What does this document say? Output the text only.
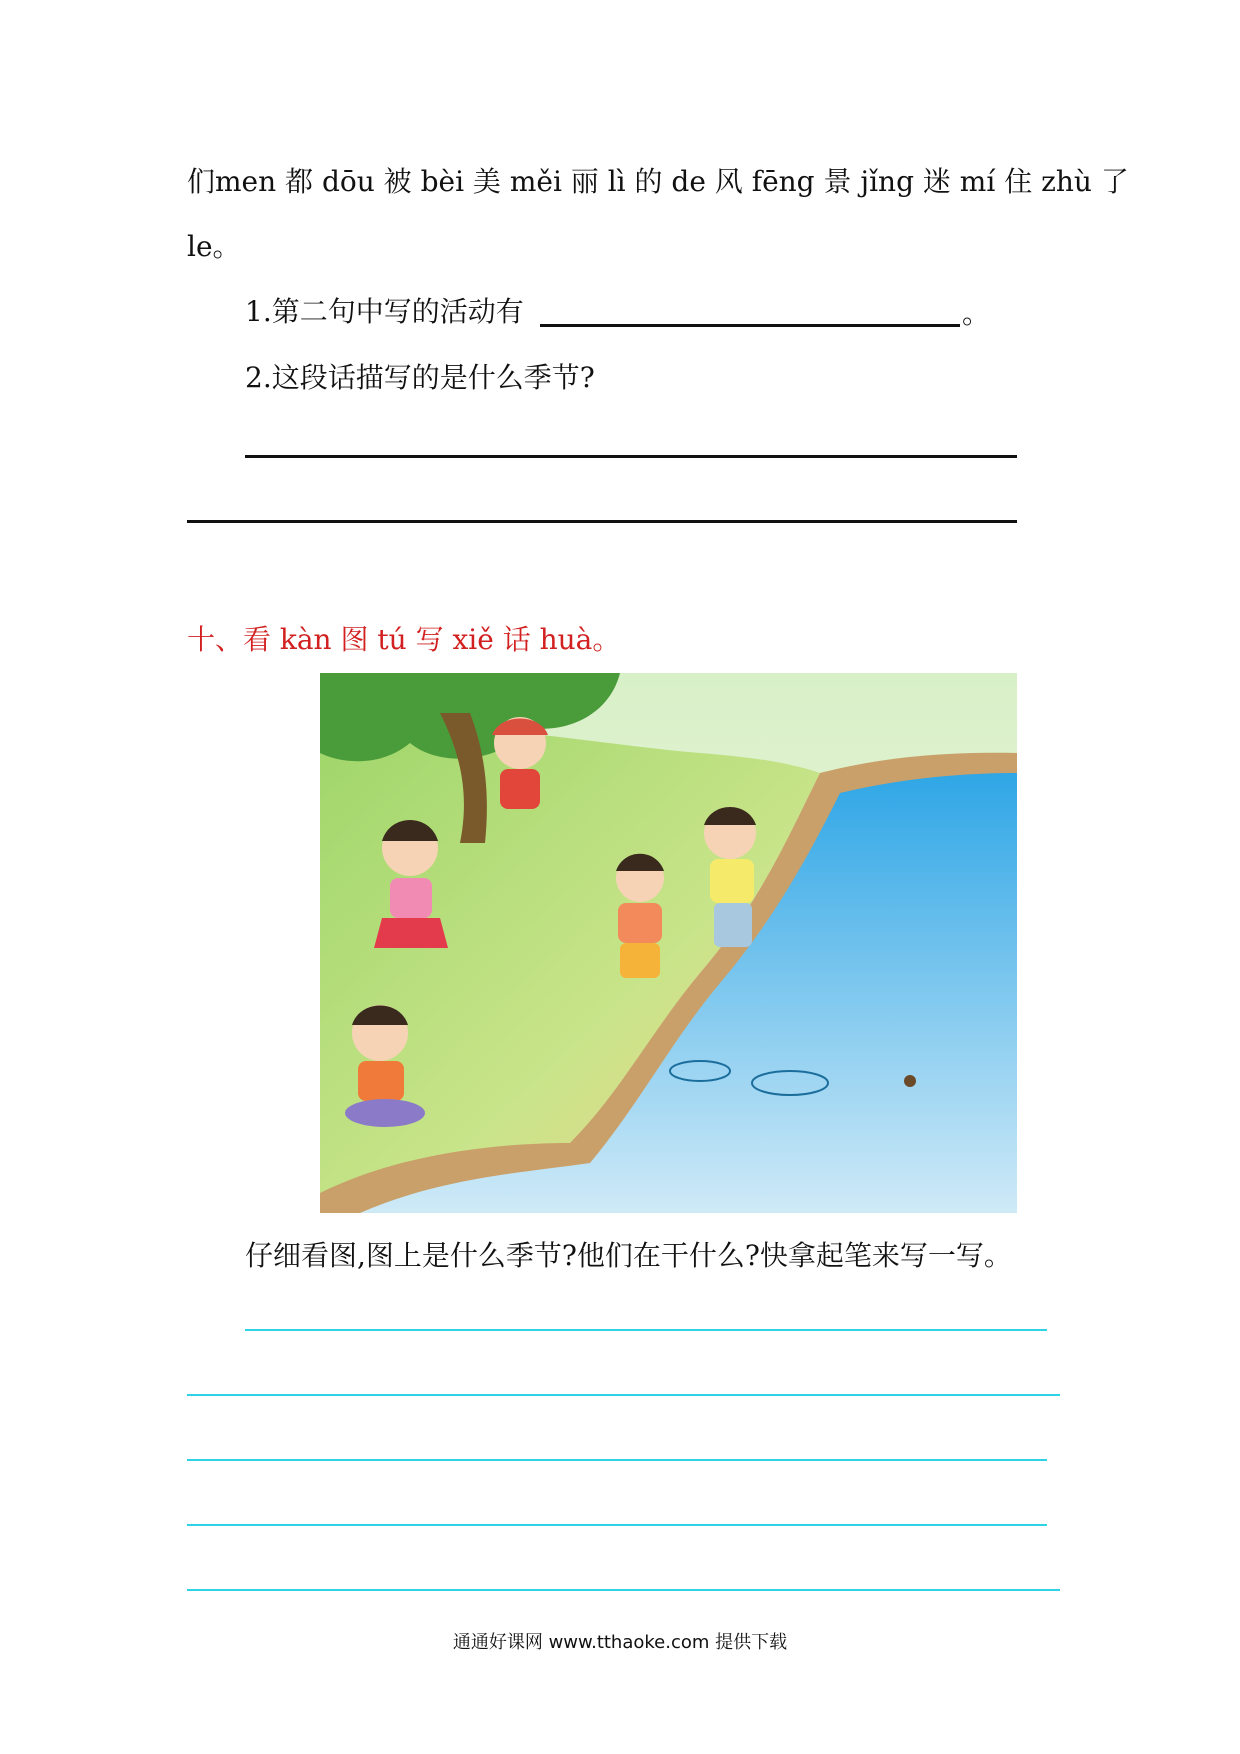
们men 都 dōu 被 bèi 美 měi 丽 lì 的 de 风 fēng 景 jǐng 迷 mí 住 zhù 了
le。
1.第二句中写的活动有	。
2.这段话描写的是什么季节?
十、看 kàn 图 tú 写 xiě 话 huà。
仔细看图,图上是什么季节?他们在干什么?快拿起笔来写一写。
通通好课网 www.tthaoke.com 提供下载
